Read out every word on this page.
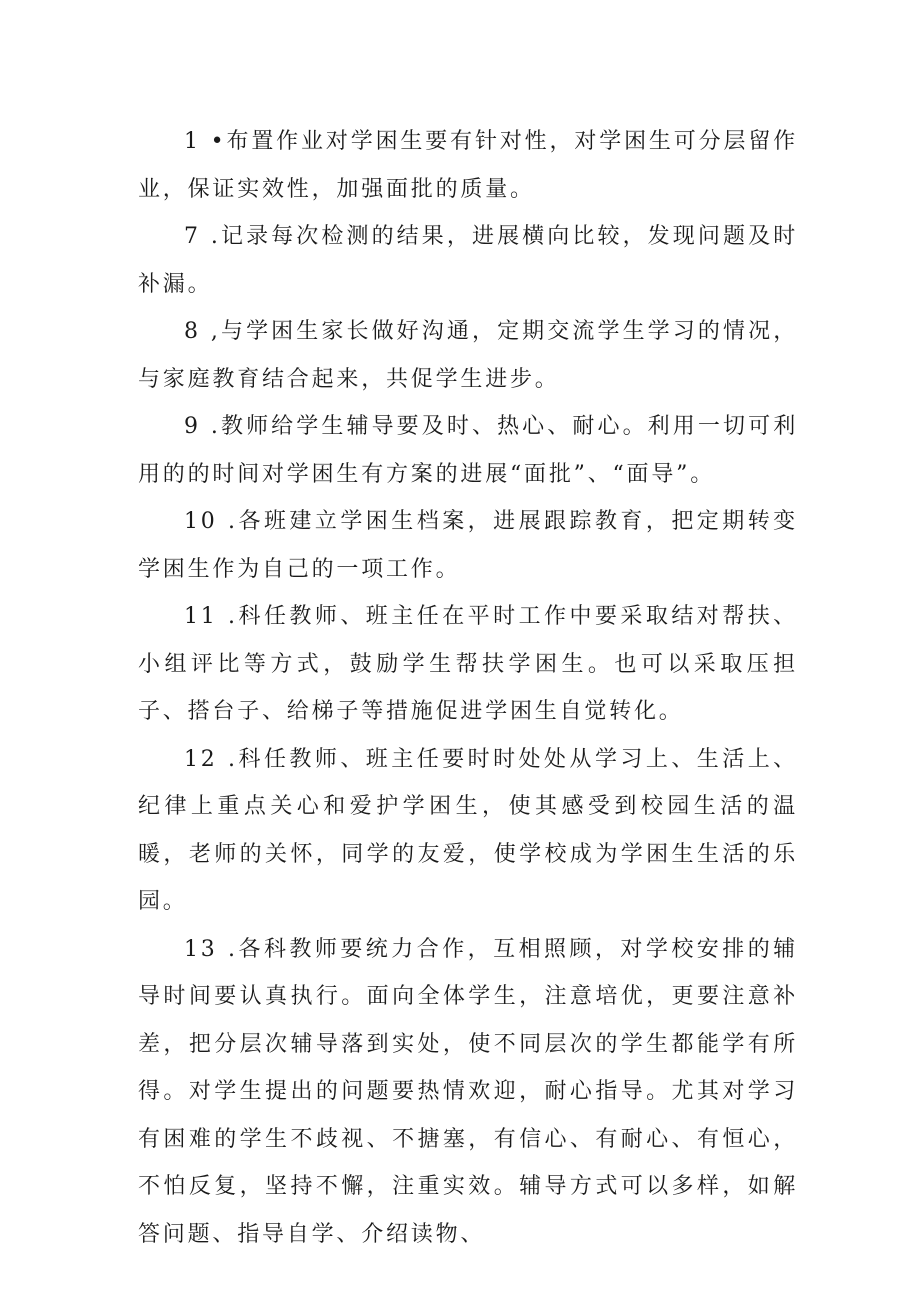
1 •布置作业对学困生要有针对性，对学困生可分层留作业，保证实效性，加强面批的质量。

7 .记录每次检测的结果，进展横向比较，发现问题及时补漏。

8 ,与学困生家长做好沟通，定期交流学生学习的情况，与家庭教育结合起来，共促学生进步。

9 .教师给学生辅导要及时、热心、耐心。利用一切可利用的的时间对学困生有方案的进展“面批”、“面导”。

10 .各班建立学困生档案，进展跟踪教育，把定期转变学困生作为自己的一项工作。

11 .科任教师、班主任在平时工作中要采取结对帮扶、小组评比等方式，鼓励学生帮扶学困生。也可以采取压担子、搭台子、给梯子等措施促进学困生自觉转化。

12 .科任教师、班主任要时时处处从学习上、生活上、纪律上重点关心和爱护学困生，使其感受到校园生活的温暖，老师的关怀，同学的友爱，使学校成为学困生生活的乐园。

13 .各科教师要统力合作，互相照顾，对学校安排的辅导时间要认真执行。面向全体学生，注意培优，更要注意补差，把分层次辅导落到实处，使不同层次的学生都能学有所得。对学生提出的问题要热情欢迎，耐心指导。尤其对学习有困难的学生不歧视、不搪塞，有信心、有耐心、有恒心，不怕反复，坚持不懈，注重实效。辅导方式可以多样，如解答问题、指导自学、介绍读物、
